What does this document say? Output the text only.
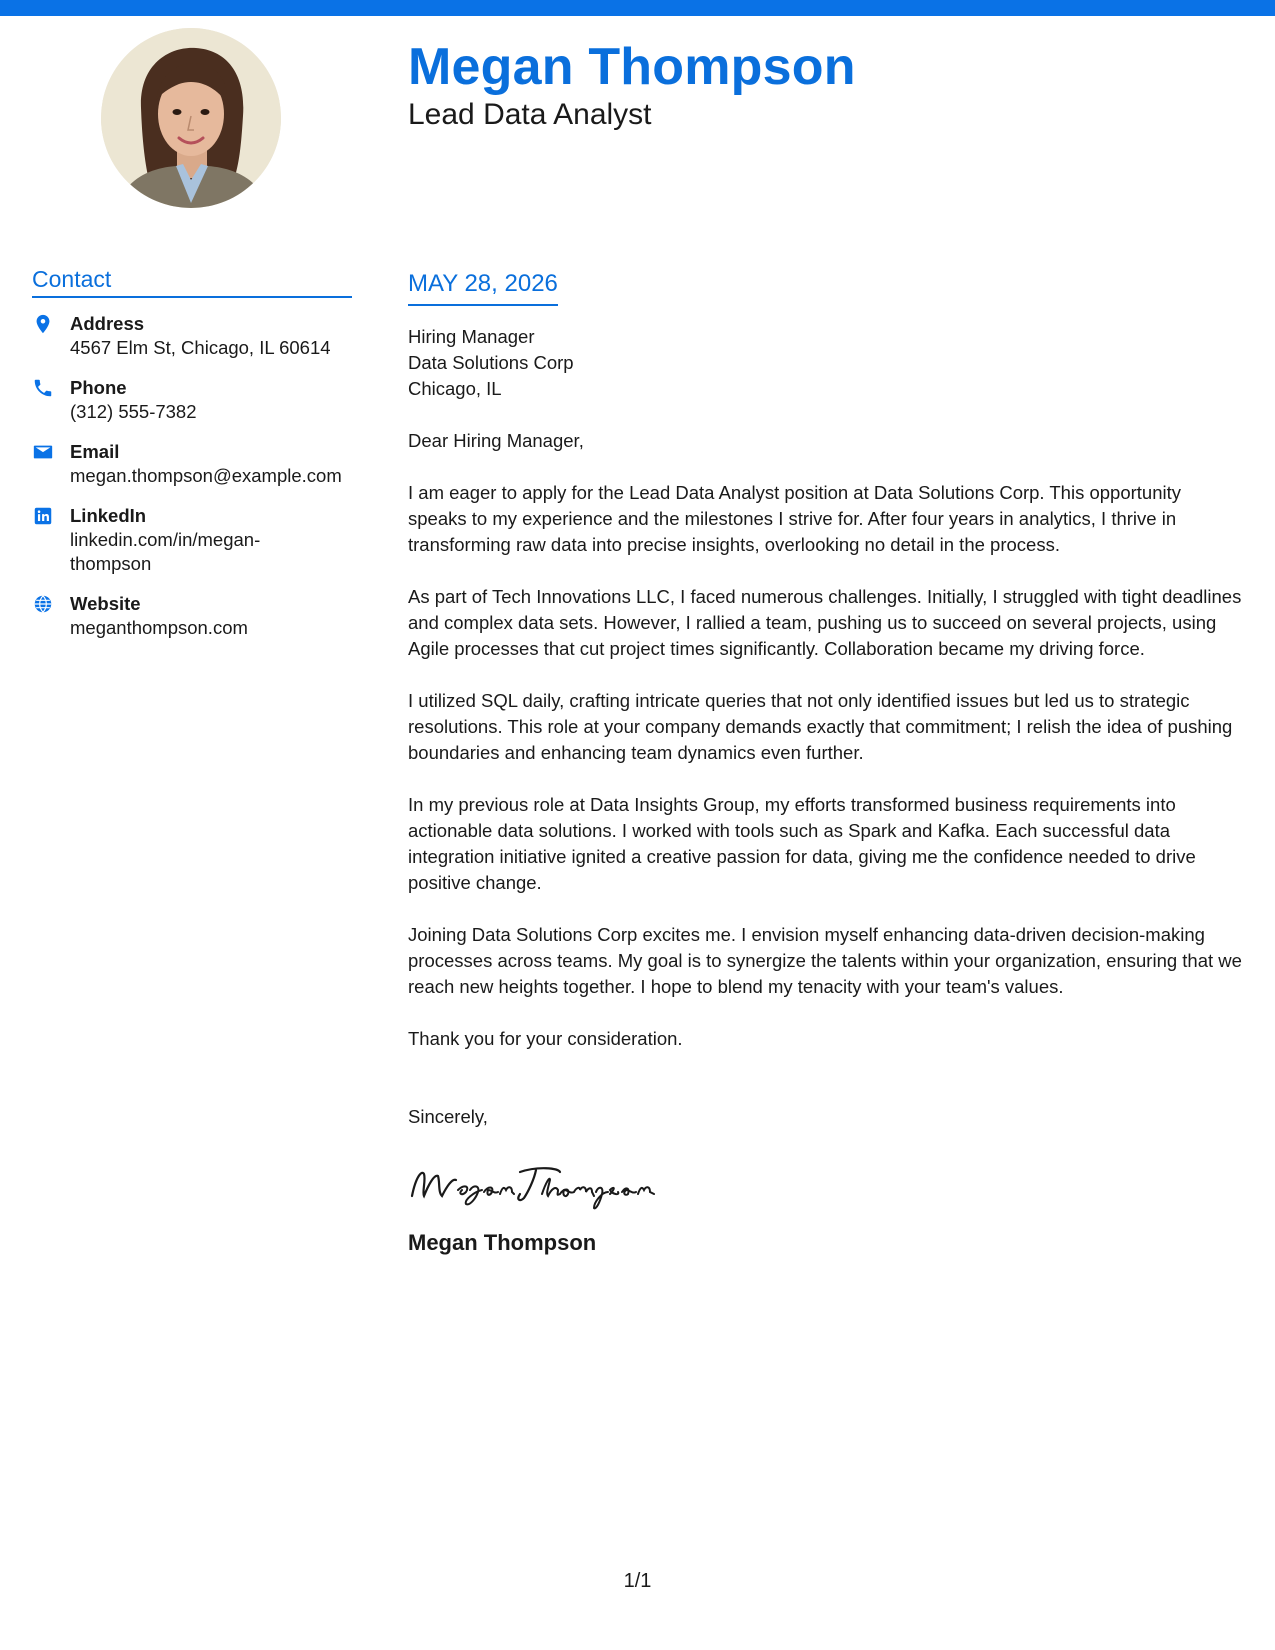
Megan Thompson
Lead Data Analyst
Contact
Address
4567 Elm St, Chicago, IL 60614
Phone
(312) 555-7382
Email
megan.thompson@example.com
LinkedIn
linkedin.com/in/megan-thompson
Website
meganthompson.com
MAY 28, 2026
Hiring Manager
Data Solutions Corp
Chicago, IL
Dear Hiring Manager,
I am eager to apply for the Lead Data Analyst position at Data Solutions Corp. This opportunity speaks to my experience and the milestones I strive for. After four years in analytics, I thrive in transforming raw data into precise insights, overlooking no detail in the process.
As part of Tech Innovations LLC, I faced numerous challenges. Initially, I struggled with tight deadlines and complex data sets. However, I rallied a team, pushing us to succeed on several projects, using Agile processes that cut project times significantly. Collaboration became my driving force.
I utilized SQL daily, crafting intricate queries that not only identified issues but led us to strategic resolutions. This role at your company demands exactly that commitment; I relish the idea of pushing boundaries and enhancing team dynamics even further.
In my previous role at Data Insights Group, my efforts transformed business requirements into actionable data solutions. I worked with tools such as Spark and Kafka. Each successful data integration initiative ignited a creative passion for data, giving me the confidence needed to drive positive change.
Joining Data Solutions Corp excites me. I envision myself enhancing data-driven decision-making processes across teams. My goal is to synergize the talents within your organization, ensuring that we reach new heights together. I hope to blend my tenacity with your team's values.
Thank you for your consideration.
Sincerely,
Megan Thompson
1/1
